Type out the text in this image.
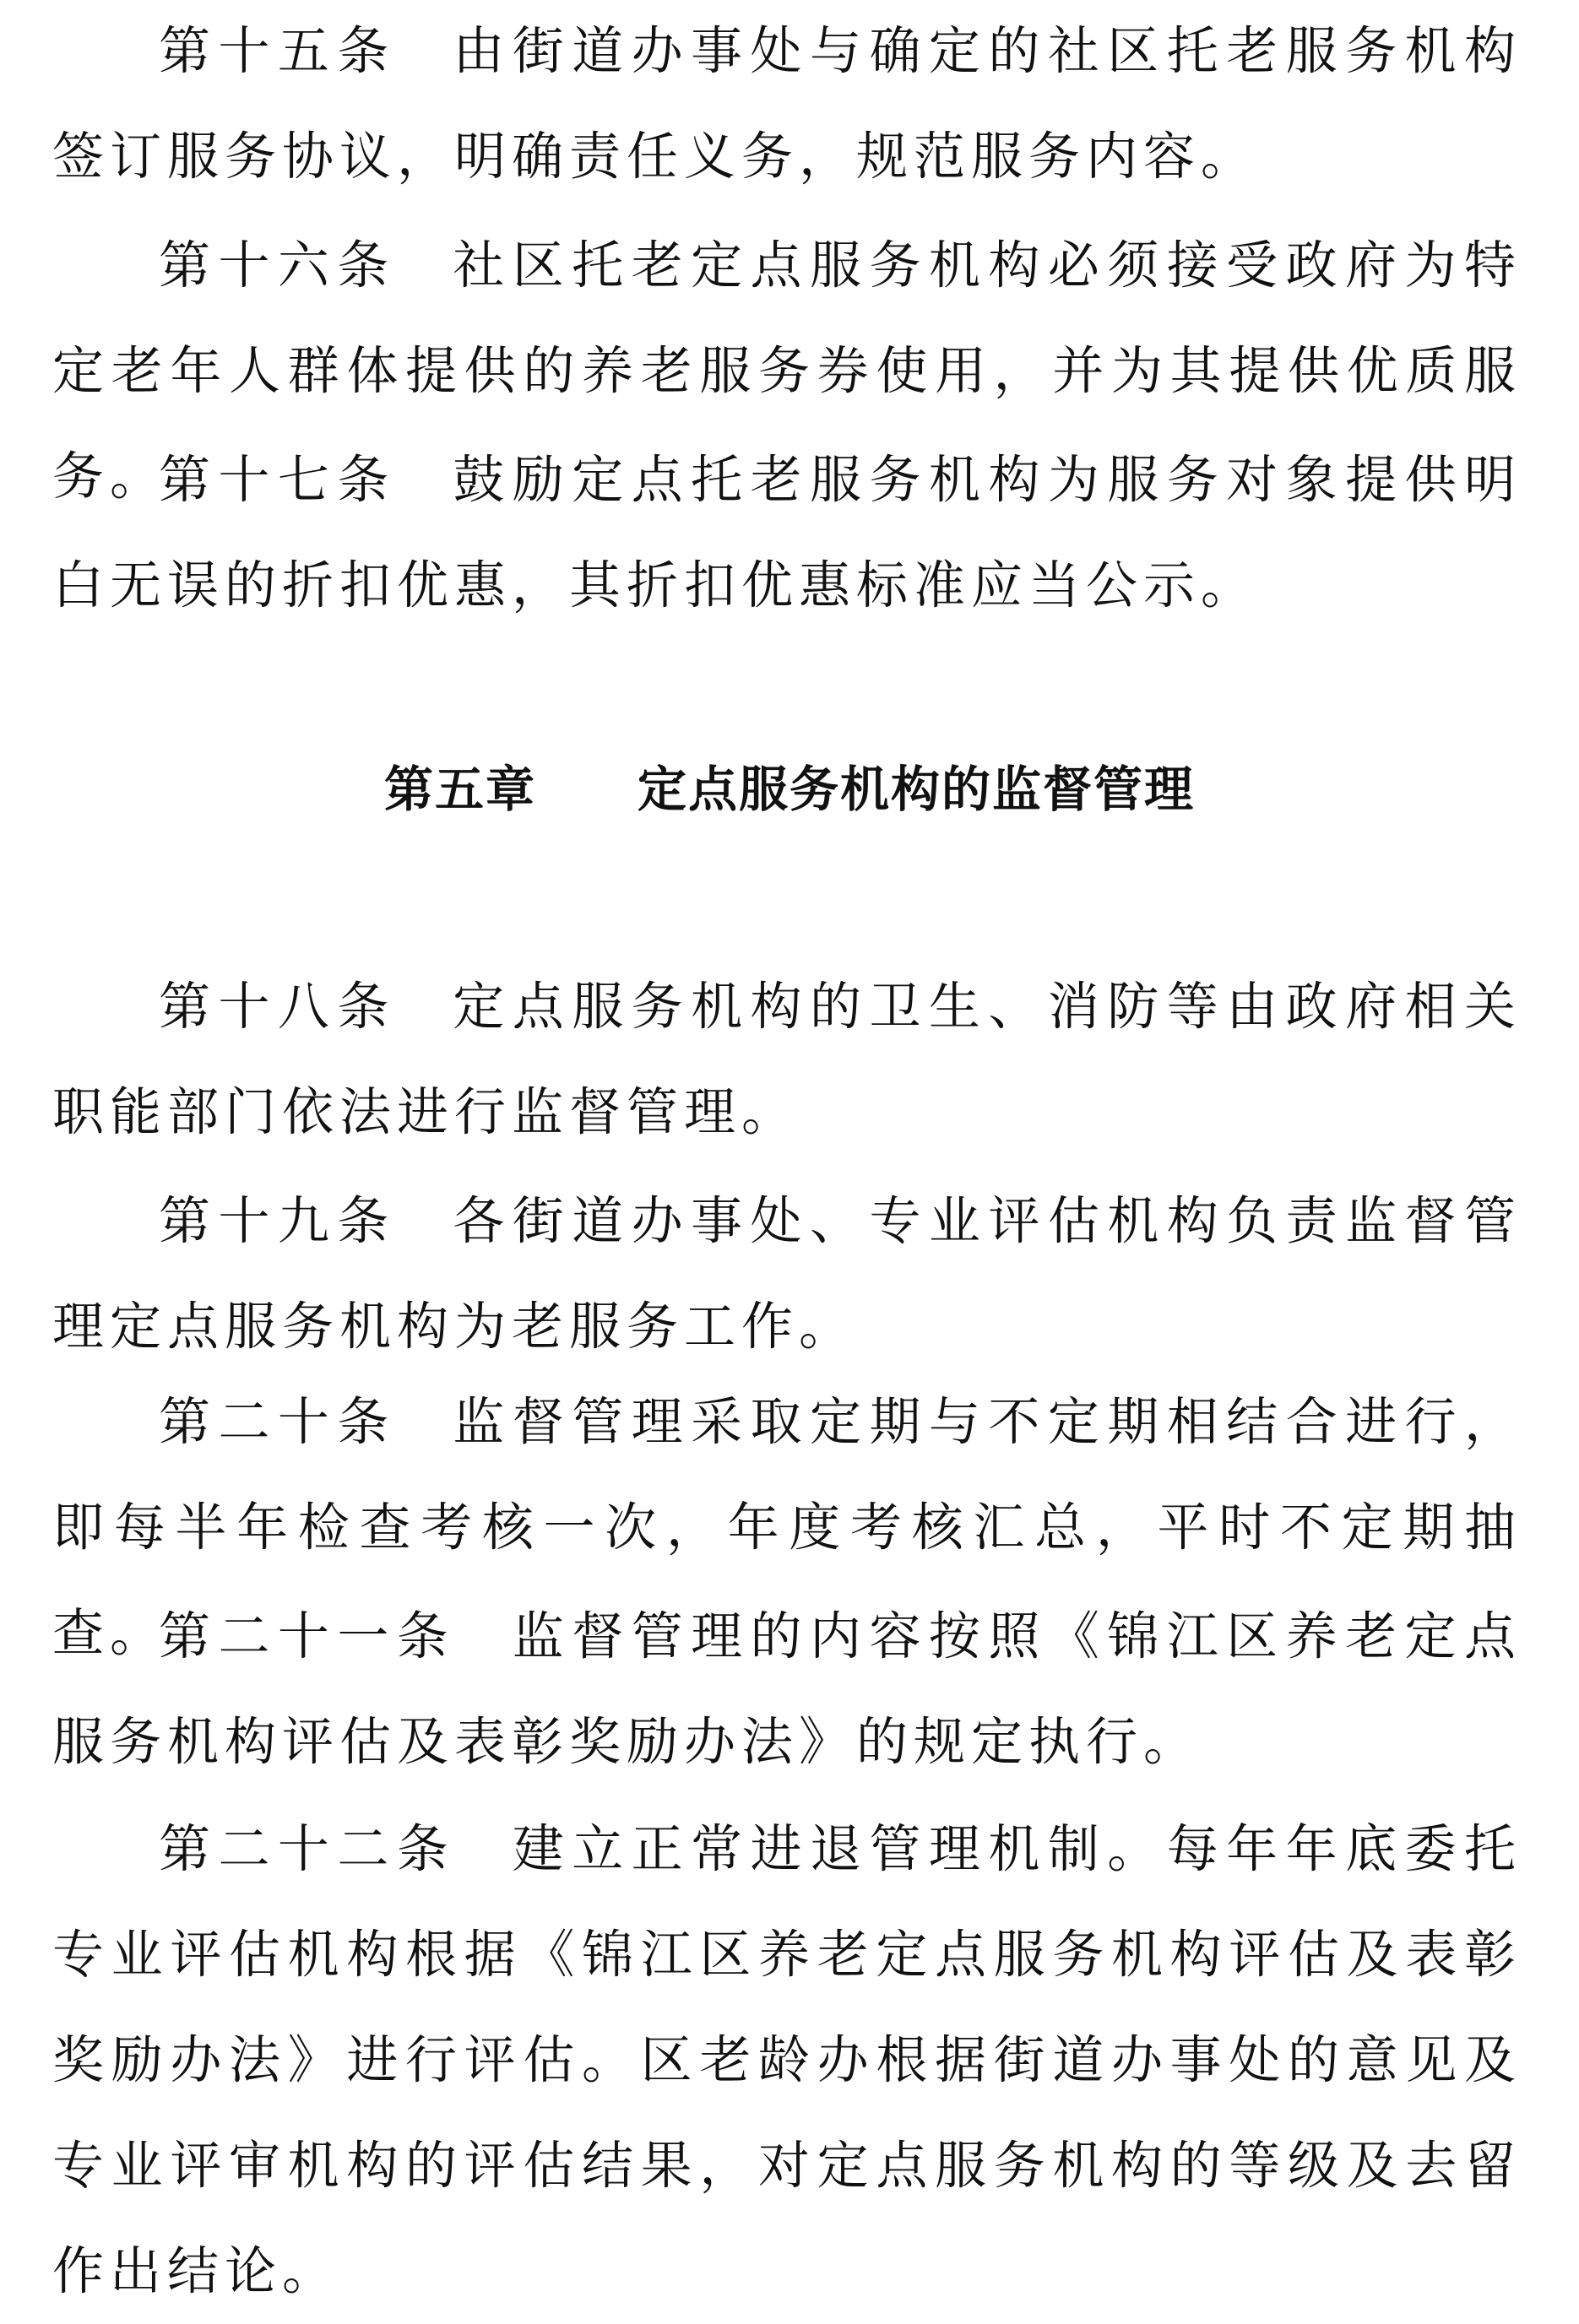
第十五条 由街道办事处与确定的社区托老服务机构签订服务协议，明确责任义务，规范服务内容。

第十六条 社区托老定点服务机构必须接受政府为特定老年人群体提供的养老服务券使用，并为其提供优质服务。

第十七条 鼓励定点托老服务机构为服务对象提供明白无误的折扣优惠，其折扣优惠标准应当公示。

第五章 定点服务机构的监督管理

第十八条 定点服务机构的卫生、消防等由政府相关职能部门依法进行监督管理。

第十九条 各街道办事处、专业评估机构负责监督管理定点服务机构为老服务工作。

第二十条 监督管理采取定期与不定期相结合进行，即每半年检查考核一次，年度考核汇总，平时不定期抽查。

第二十一条 监督管理的内容按照《锦江区养老定点服务机构评估及表彰奖励办法》的规定执行。

第二十二条 建立正常进退管理机制。每年年底委托专业评估机构根据《锦江区养老定点服务机构评估及表彰奖励办法》进行评估。区老龄办根据街道办事处的意见及专业评审机构的评估结果，对定点服务机构的等级及去留作出结论。
